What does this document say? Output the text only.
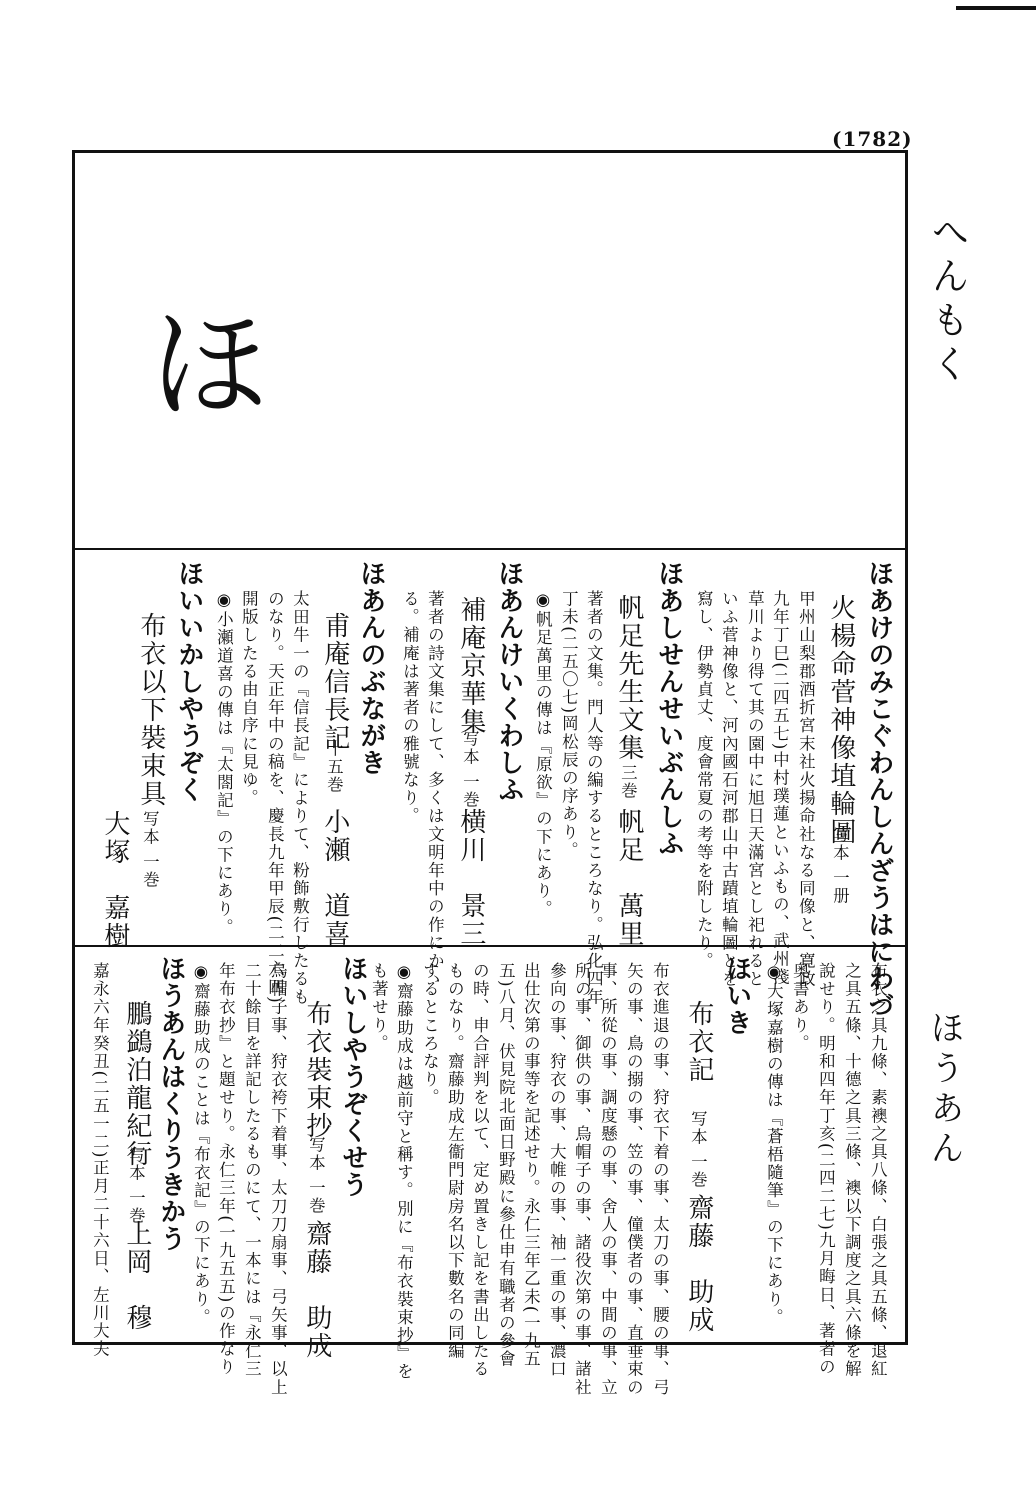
(1782)
へんもく
ほうあん
ほ
ほあけのみこぐわんしんざうはにわづ
火楊命菅神像埴輪圖
写本 一册
甲州山梨郡酒折宮末社火揚命社なる同像と、寛政
九年丁巳(二四五七)中村璞蓮といふもの、武州淺
草川より得て其の園中に旭日天滿宮とし祀れると
いふ菅神像と、河內國石河郡山中古蹟埴輪圖とを
寫し、伊勢貞丈、度會常夏の考等を附したり。
ほあしせんせいぶんしふ
帆足先生文集
三巻
帆足　萬里
著者の文集。門人等の編するところなり。弘化四年
丁未(二五〇七)岡松辰の序あり。
◉帆足萬里の傳は『原欲』の下にあり。
ほあんけいくわしふ
補庵京華集
写本 一巻
横川　景三
著者の詩文集にして、多くは文明年中の作にかゝ
る。補庵は著者の雅號なり。
ほあんのぶながき
甫庵信長記
十五巻
小瀬　道喜
太田牛一の『信長記』によりて、粉飾敷行したるも
のなり。天正年中の稿を、慶長九年甲辰(二二六四)
開版したる由自序に見ゆ。
◉小瀬道喜の傳は『太閤記』の下にあり。
ほいいかしやうぞく
布衣以下裝束具
写本 一巻
大塚　嘉樹
布衣之具九條、素襖之具八條、白張之具五條、退紅
之具五條、十德之具三條、襖以下調度之具六條を解
說せり。明和四年丁亥(二四二七)九月晦日、著者の
奥書あり。
◉大塚嘉樹の傳は『蒼梧隨筆』の下にあり。
ほいき
布衣記
写本 一巻
齋藤　助成
布衣進退の事、狩衣下着の事、太刀の事、腰の事、弓
矢の事、鳥の搦の事、笠の事、僮僕者の事、直垂束の
事、所從の事、調度懸の事、舍人の事、中間の事、立
所の事、御供の事、烏帽子の事、諸役次第の事、諸社
參向の事、狩衣の事、大帷の事、袖一重の事、濃口
出仕次第の事等を記述せり。永仁三年乙未(一九五
五)八月、伏見院北面日野殿に參仕申有職者の參會
の時、申合評判を以て、定め置きし記を書出したる
ものなり。齋藤助成左衞門尉房名以下數名の同編
するところなり。
◉齋藤助成は越前守と稱す。別に『布衣裝束抄』を
も著せり。
ほいしやうぞくせう
布衣裝束抄
写本 一巻
齋藤　助成
烏帽子事、狩衣袴下着事、太刀刀扇事、弓矢事、以上
二十餘目を詳記したるものにて、一本には『永仁三
年布衣抄』と題せり。永仁三年(一九五五)の作なり
◉齋藤助成のことは『布衣記』の下にあり。
ほうあんはくりうきかう
鵬鷁泊龍紀行
写本 一巻
上岡　穆
嘉永六年癸丑(二五一二)正月二十六日、左川大夫
